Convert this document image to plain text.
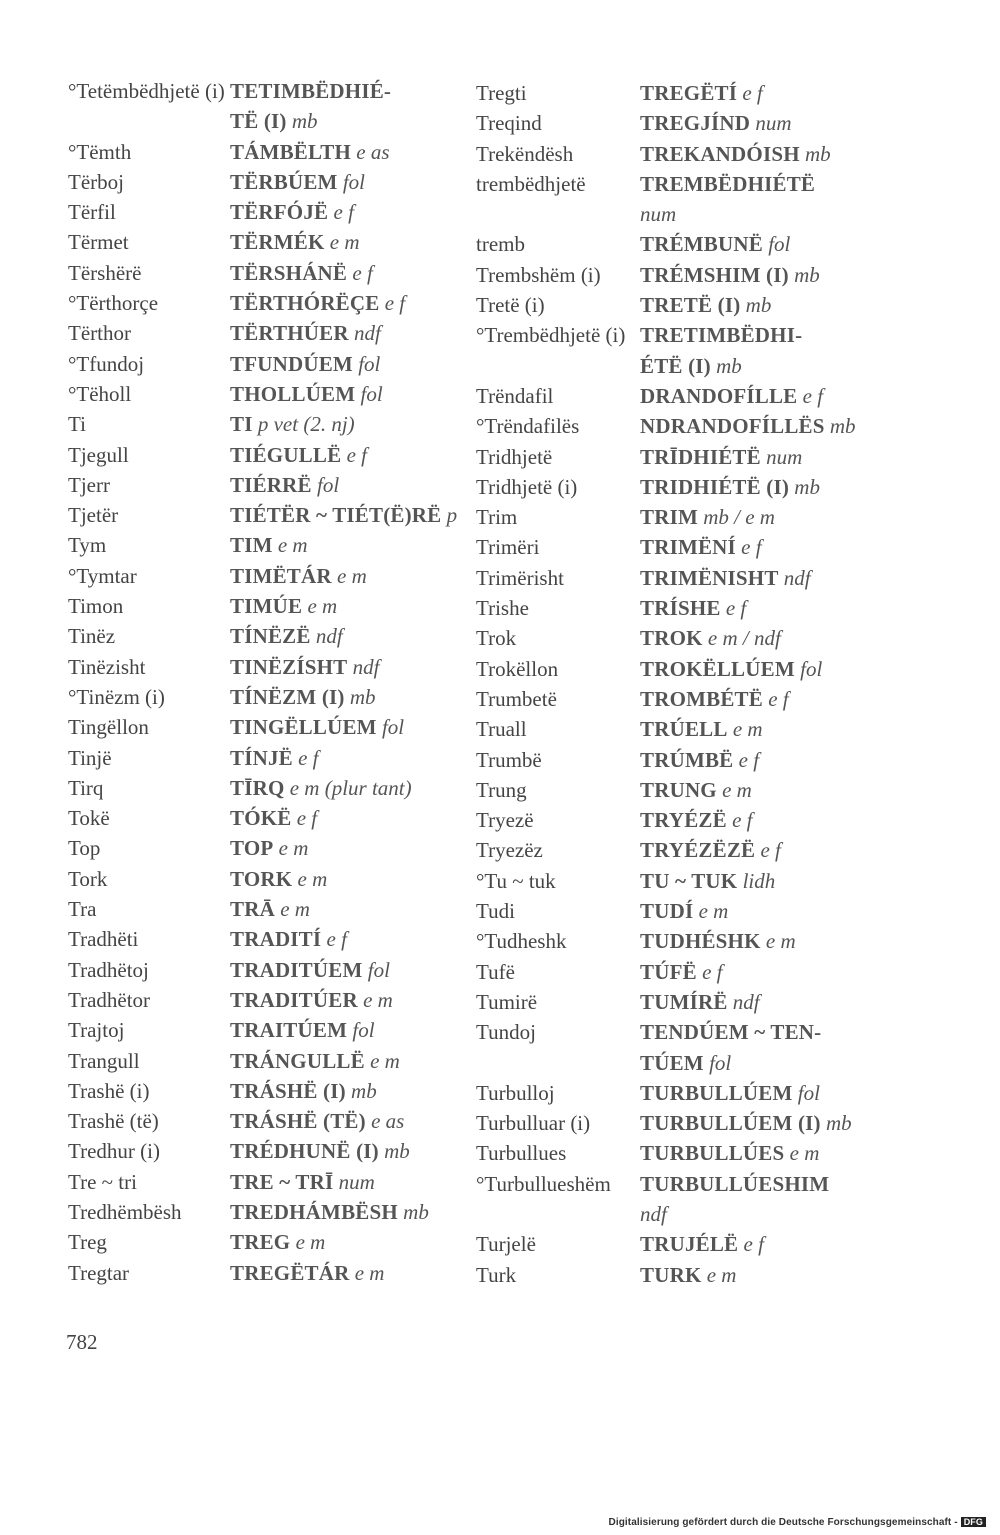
°Tetëmbëdhjetë (i) TETIMBËDHIÉ-
TË (I) mb
°Tëmth	TÁMBËLTH e as
Tërboj	TËRBÚEM fol
Tërfil	TËRFÓJË e f
Tërmet	TËRMÉK e m
Tërshërë	TËRSHÁNË e f
°Tërthorçe	TËRTHÓRËÇE e f
Tërthor	TËRTHÚER ndf
°Tfundoj	TFUNDÚEM fol
°Tëholl	THOLLÚEM fol
Ti	TI p vet (2. nj)
Tjegull	TIÉGULLË e f
Tjerr	TIÉRRË fol
Tjetër	TIÉTËR ~ TIÉT(Ë)RË p
Tym	TIM e m
°Tymtar	TIMËTÁR e m
Timon	TIMÚE e m
Tinëz	TÍNËZË ndf
Tinëzisht	TINËZÍSHT ndf
°Tinëzm (i)	TÍNËZM (I) mb
Tingëllon	TINGËLLÚEM fol
Tinjë	TÍNJË e f
Tirq	TĪRQ e m (plur tant)
Tokë	TÓKË e f
Top	TOP e m
Tork	TORK e m
Tra	TRĀ e m
Tradhëti	TRADITÍ e f
Tradhëtoj	TRADITÚEM fol
Tradhëtor	TRADITÚER e m
Trajtoj	TRAITÚEM fol
Trangull	TRÁNGULLË e m
Trashë (i)	TRÁSHË (I) mb
Trashë (të)	TRÁSHË (TË) e as
Tredhur (i)	TRÉDHUNË (I) mb
Tre ~ tri	TRE ~ TRĪ num
Tredhëmbësh TREDHÁMBËSH mb
Treg	TREG e m
Tregtar	TREGËTÁR e m
Tregti	TREGËTÍ e f
Treqind	TREGJÍND num
Trekëndësh	TREKANDÓISH mb
trembëdhjetë	TREMBËDHIÉTË
num
tremb	TRÉMBUNË fol
Trembshëm (i) TRÉMSHIM (I) mb
Tretë (i)	TRETË (I) mb
°Trembëdhjetë (i) TRETIMBËDHI-
ÉTË (I) mb
Trëndafil	DRANDOFÍLLE e f
°Trëndafilës	NDRANDOFÍLLËS mb
Tridhjetë	TRĪDHIÉTË num
Tridhjetë (i)	TRIDHIÉTË (I) mb
Trim	TRIM mb / e m
Trimëri	TRIMËNÍ e f
Trimërisht	TRIMËNISHT ndf
Trishe	TRÍSHE e f
Trok	TROK e m / ndf
Trokëllon	TROKËLLÚEM fol
Trumbetë	TROMBÉTË e f
Truall	TRÚELL e m
Trumbë	TRÚMBË e f
Trung	TRUNG e m
Tryezë	TRYÉZË e f
Tryezëz	TRYÉZËZË e f
°Tu ~ tuk	TU ~ TUK lidh
Tudi	TUDÍ e m
°Tudheshk	TUDHÉSHK e m
Tufë	TÚFË e f
Tumirë	TUMÍRË ndf
Tundoj	TENDÚEM ~ TEN-
TÚEM fol
Turbulloj	TURBULLÚEM fol
Turbulluar (i) TURBULLÚEM (I) mb
Turbullues	TURBULLÚES e m
°Turbullueshëm TURBULLÚESHIM
ndf
Turjelë	TRUJÉLË e f
Turk	TURK e m
782
Digitalisierung gefördert durch die Deutsche Forschungsgemeinschaft - DFG
